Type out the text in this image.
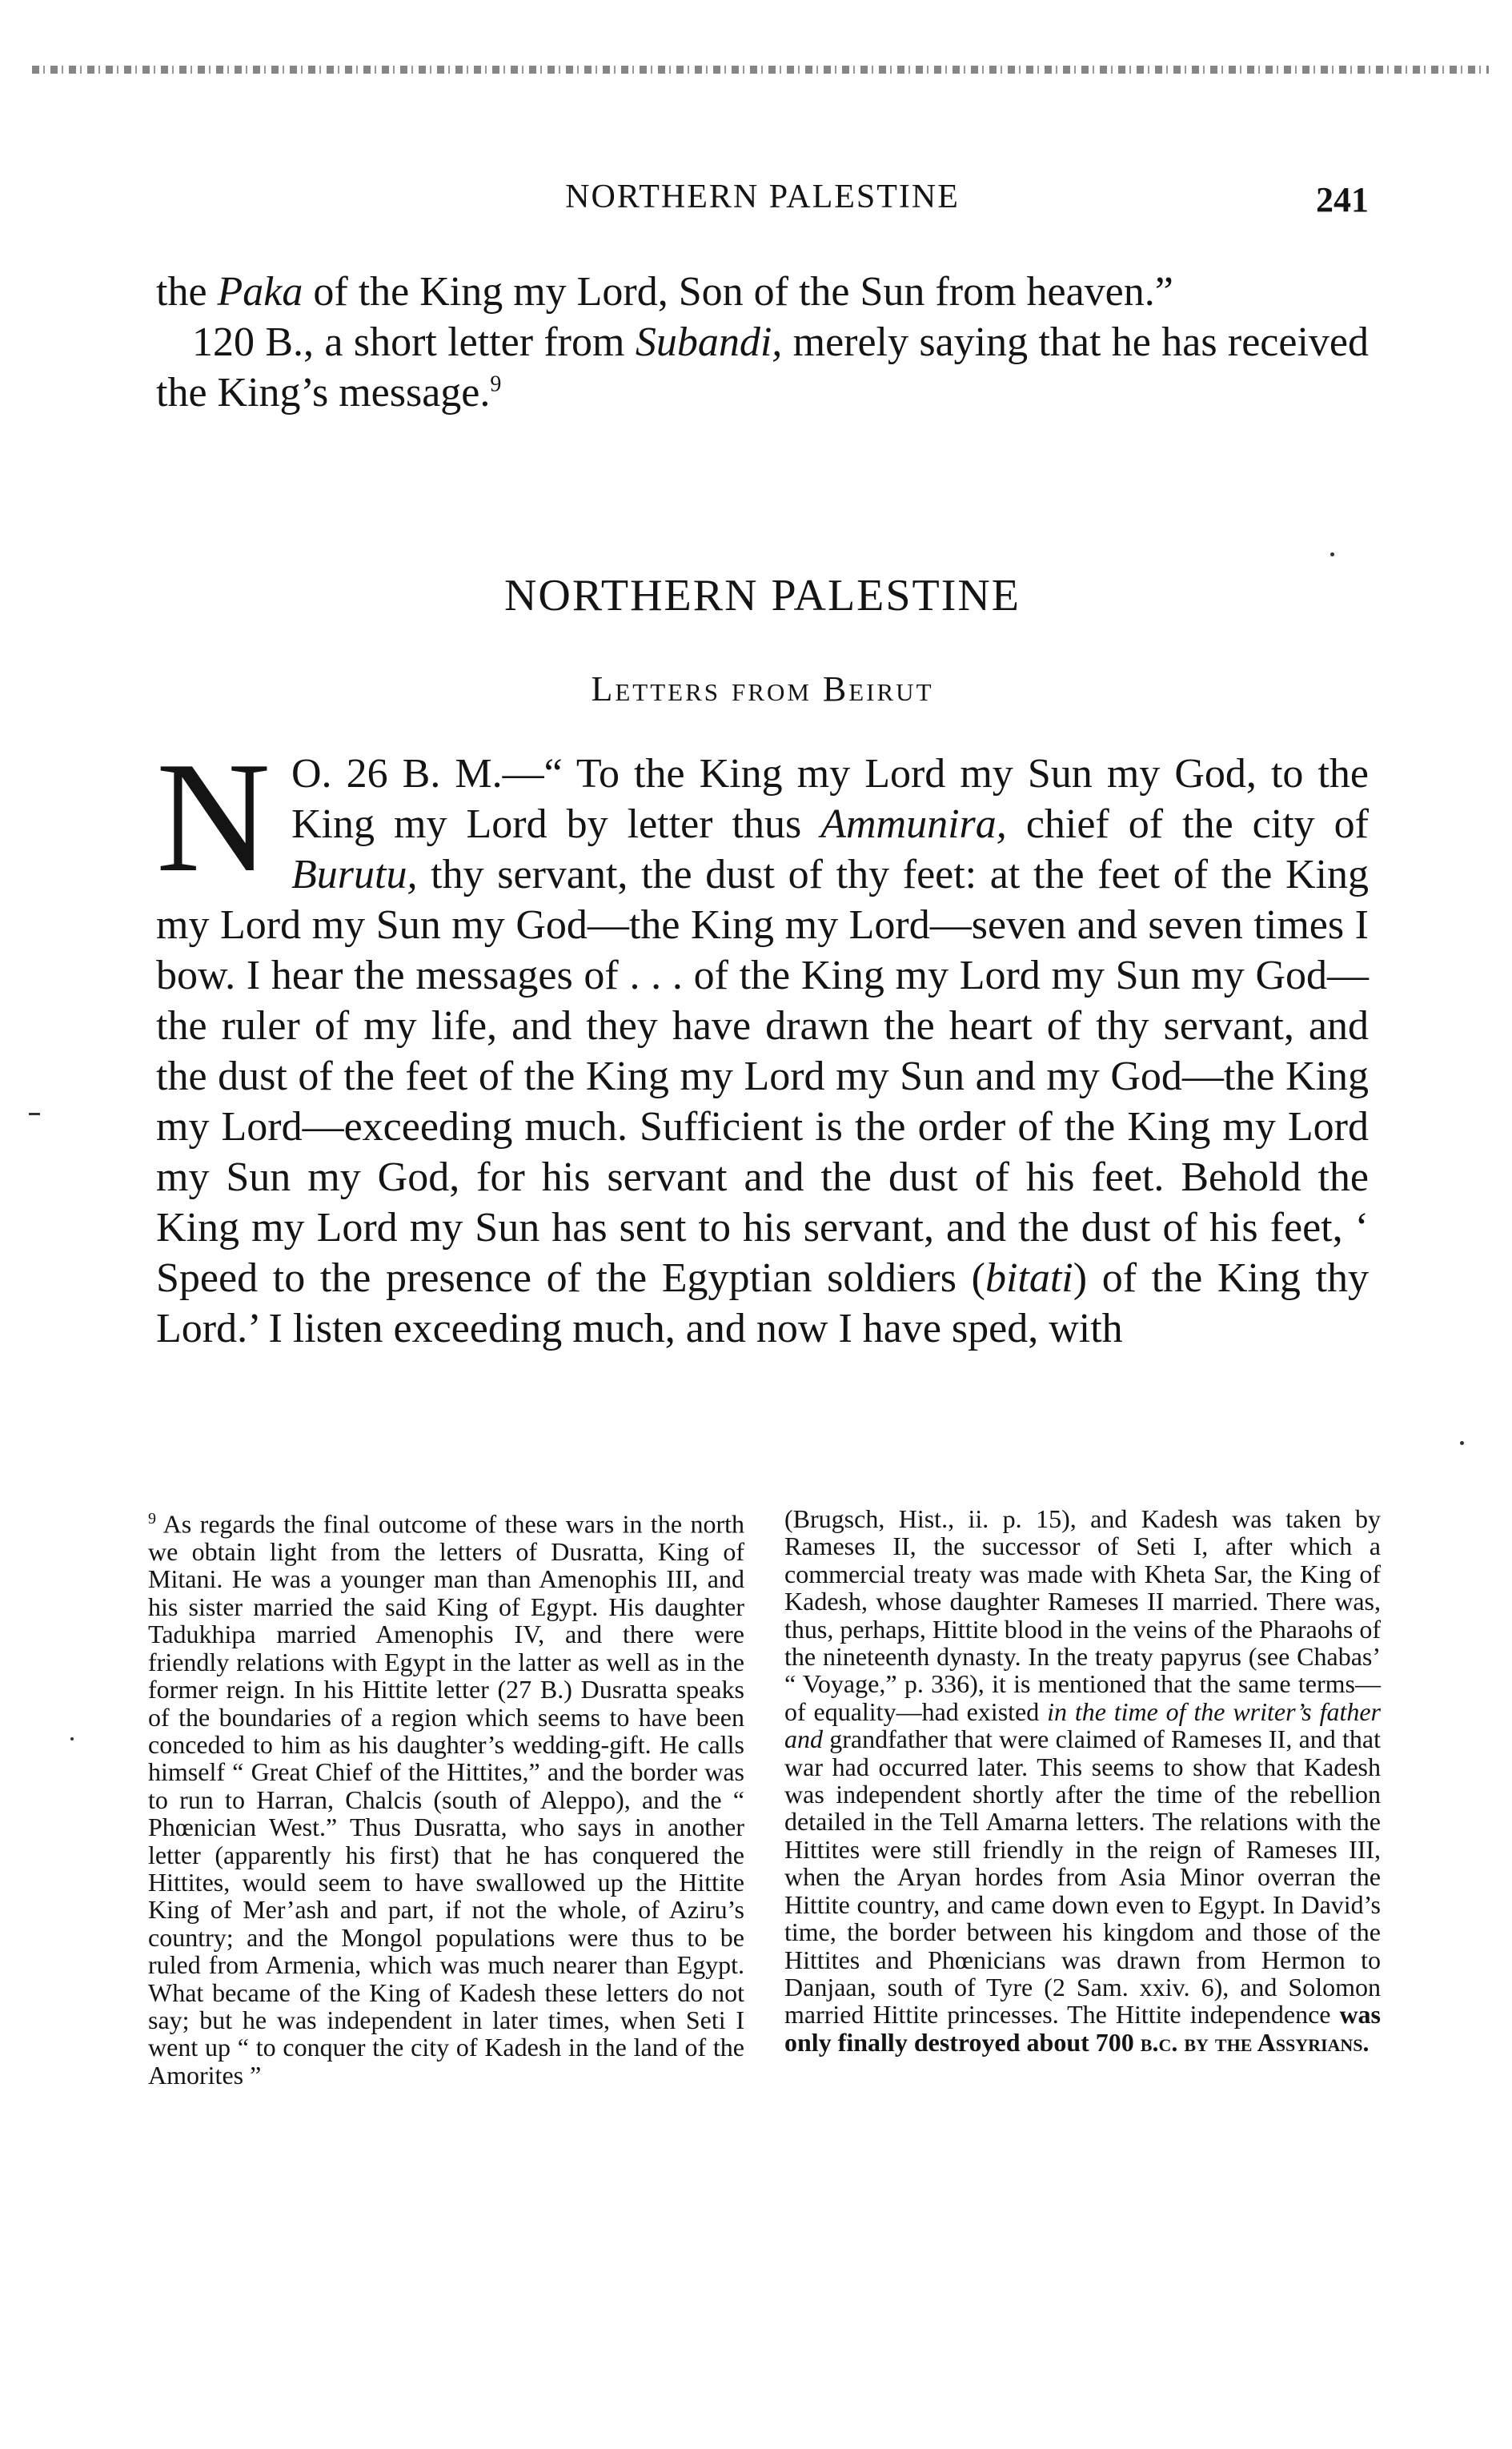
NORTHERN PALESTINE	241

the Paka of the King my Lord, Son of the Sun from heaven.”

120 B., a short letter from Subandi, merely saying that he has received the King’s message.$^9$

NORTHERN PALESTINE
Letters from Beirut
N O. 26 B. M.—“ To the King my Lord my Sun my God, to the King my Lord by letter thus Ammunira, chief of the city of Burutu, thy servant, the dust of thy feet: at the feet of the King my Lord my Sun my God—the King my Lord—seven and seven times I bow. I hear the messages of . . . of the King my Lord my Sun my God—the ruler of my life, and they have drawn the heart of thy servant, and the dust of the feet of the King my Lord my Sun and my God—the King my Lord—exceeding much. Sufficient is the order of the King my Lord my Sun my God, for his servant and the dust of his feet. Behold the King my Lord my Sun has sent to his servant, and the dust of his feet, ‘ Speed to the presence of the Egyptian soldiers (bitati) of the King thy Lord.’ I listen exceeding much, and now I have sped, with

$^9$ As regards the final outcome of these wars in the north we obtain light from the letters of Dusratta, King of Mitani. He was a younger man than Amenophis III, and his sister married the said King of Egypt. His daughter Tadukhipa married Amenophis IV, and there were friendly relations with Egypt in the latter as well as in the former reign. In his Hittite letter (27 B.) Dusratta speaks of the boundaries of a region which seems to have been conceded to him as his daughter’s wedding-gift. He calls himself “ Great Chief of the Hittites,” and the border was to run to Harran, Chalcis (south of Aleppo), and the “ Phœnician West.” Thus Dusratta, who says in another letter (apparently his first) that he has conquered the Hittites, would seem to have swallowed up the Hittite King of Mer’ash and part, if not the whole, of Aziru’s country; and the Mongol populations were thus to be ruled from Armenia, which was much nearer than Egypt. What became of the King of Kadesh these letters do not say; but he was independent in later times, when Seti I went up “ to conquer the city of Kadesh in the land of the Amorites ”

(Brugsch, Hist., ii. p. 15), and Kadesh was taken by Rameses II, the successor of Seti I, after which a commercial treaty was made with Kheta Sar, the King of Kadesh, whose daughter Rameses II married. There was, thus, perhaps, Hittite blood in the veins of the Pharaohs of the nineteenth dynasty. In the treaty papyrus (see Chabas’ “ Voyage,” p. 336), it is mentioned that the same terms—of equality—had existed in the time of the writer’s father and grandfather that were claimed of Rameses II, and that war had occurred later. This seems to show that Kadesh was independent shortly after the time of the rebellion detailed in the Tell Amarna letters. The relations with the Hittites were still friendly in the reign of Rameses III, when the Aryan hordes from Asia Minor overran the Hittite country, and came down even to Egypt. In David’s time, the border between his kingdom and those of the Hittites and Phœnicians was drawn from Hermon to Danjaan, south of Tyre (2 Sam. xxiv. 6), and Solomon married Hittite princesses. The Hittite independence was only finally destroyed about 700 b.c. by the Assyrians.
